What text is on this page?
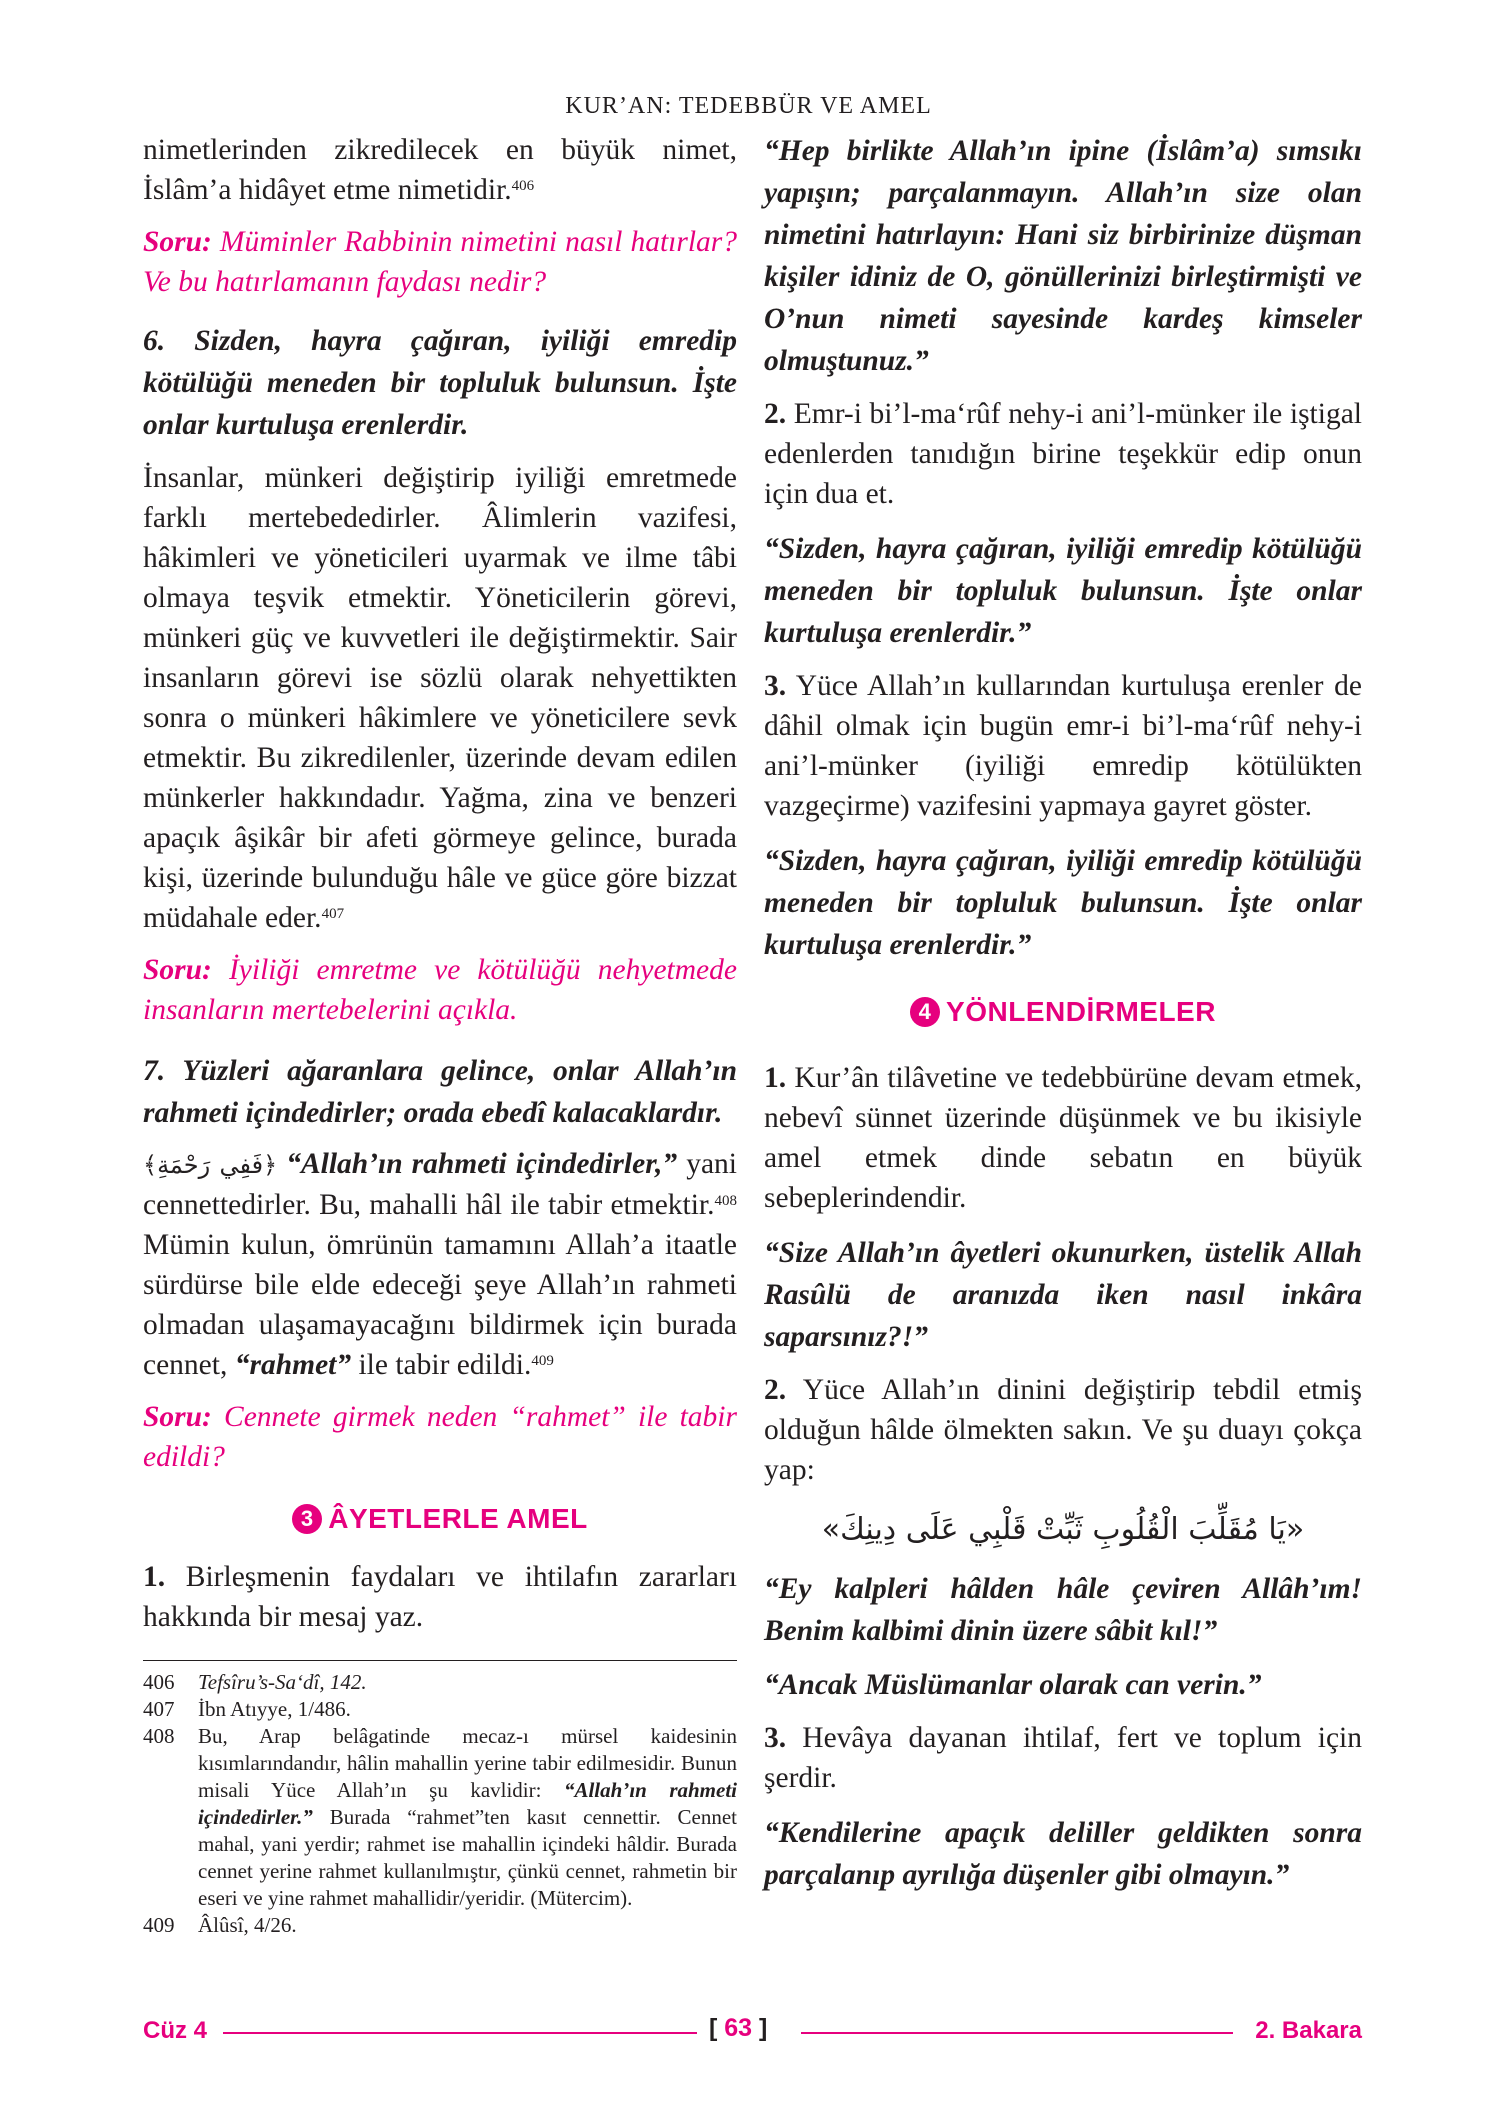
KUR’AN: TEDEBBÜR VE AMEL

nimetlerinden zikredilecek en büyük nimet, İslâm’a hidâyet etme nimetidir.$^{406}$

Soru: Müminler Rabbinin nimetini nasıl hatırlar? Ve bu hatırlamanın faydası nedir?

6. Sizden, hayra çağıran, iyiliği emredip kötülüğü meneden bir topluluk bulunsun. İşte onlar kurtuluşa erenlerdir.

İnsanlar, münkeri değiştirip iyiliği emretmede farklı mertebededirler. Âlimlerin vazifesi, hâkimleri ve yöneticileri uyarmak ve ilme tâbi olmaya teşvik etmektir. Yöneticilerin görevi, münkeri güç ve kuvvetleri ile değiştirmektir. Sair insanların görevi ise sözlü olarak nehyettikten sonra o münkeri hâkimlere ve yöneticilere sevk etmektir. Bu zikredilenler, üzerinde devam edilen münkerler hakkındadır. Yağma, zina ve benzeri apaçık âşikâr bir afeti görmeye gelince, burada kişi, üzerinde bulunduğu hâle ve güce göre bizzat müdahale eder.$^{407}$

Soru: İyiliği emretme ve kötülüğü nehyetmede insanların mertebelerini açıkla.

7. Yüzleri ağaranlara gelince, onlar Allah’ın rahmeti içindedirler; orada ebedî kalacaklardır.

﴿فَفِي رَحْمَةِ﴾ “Allah’ın rahmeti içindedirler,” yani cennettedirler. Bu, mahalli hâl ile tabir etmektir.$^{408}$ Mümin kulun, ömrünün tamamını Allah’a itaatle sürdürse bile elde edeceği şeye Allah’ın rahmeti olmadan ulaşamayacağını bildirmek için burada cennet, “rahmet” ile tabir edildi.$^{409}$

Soru: Cennete girmek neden “rahmet” ile tabir edildi?

3 ÂYETLERLE AMEL

1. Birleşmenin faydaları ve ihtilafın zararları hakkında bir mesaj yaz.

406	Tefsîru’s-Sa‘dî, 142.
407	İbn Atıyye, 1/486.
408	Bu, Arap belâgatinde mecaz-ı mürsel kaidesinin kısımlarındandır, hâlin mahallin yerine tabir edilmesidir. Bunun misali Yüce Allah’ın şu kavlidir: “Allah’ın rahmeti içindedirler.” Burada “rahmet”ten kasıt cennettir. Cennet mahal, yani yerdir; rahmet ise mahallin içindeki hâldir. Burada cennet yerine rahmet kullanılmıştır, çünkü cennet, rahmetin bir eseri ve yine rahmet mahallidir/yeridir. (Mütercim).
409	Âlûsî, 4/26.

“Hep birlikte Allah’ın ipine (İslâm’a) sımsıkı yapışın; parçalanmayın. Allah’ın size olan nimetini hatırlayın: Hani siz birbirinize düşman kişiler idiniz de O, gönüllerinizi birleştirmişti ve O’nun nimeti sayesinde kardeş kimseler olmuştunuz.”

2. Emr-i bi’l-ma‘rûf nehy-i ani’l-münker ile iştigal edenlerden tanıdığın birine teşekkür edip onun için dua et.

“Sizden, hayra çağıran, iyiliği emredip kötülüğü meneden bir topluluk bulunsun. İşte onlar kurtuluşa erenlerdir.”

3. Yüce Allah’ın kullarından kurtuluşa erenler de dâhil olmak için bugün emr-i bi’l-ma‘rûf nehy-i ani’l-münker (iyiliği emredip kötülükten vazgeçirme) vazifesini yapmaya gayret göster.

“Sizden, hayra çağıran, iyiliği emredip kötülüğü meneden bir topluluk bulunsun. İşte onlar kurtuluşa erenlerdir.”

4 YÖNLENDİRMELER

1. Kur’ân tilâvetine ve tedebbürüne devam etmek, nebevî sünnet üzerinde düşünmek ve bu ikisiyle amel etmek dinde sebatın en büyük sebeplerindendir.

“Size Allah’ın âyetleri okunurken, üstelik Allah Rasûlü de aranızda iken nasıl inkâra saparsınız?!”

2. Yüce Allah’ın dinini değiştirip tebdil etmiş olduğun hâlde ölmekten sakın. Ve şu duayı çokça yap:

«يَا مُقَلِّبَ الْقُلُوبِ ثَبِّتْ قَلْبِي عَلَى دِينِكَ»

“Ey kalpleri hâlden hâle çeviren Allâh’ım! Benim kalbimi dinin üzere sâbit kıl!”

“Ancak Müslümanlar olarak can verin.”

3. Hevâya dayanan ihtilaf, fert ve toplum için şerdir.

“Kendilerine apaçık deliller geldikten sonra parçalanıp ayrılığa düşenler gibi olmayın.”

Cüz 4	[ 63 ]	2. Bakara
